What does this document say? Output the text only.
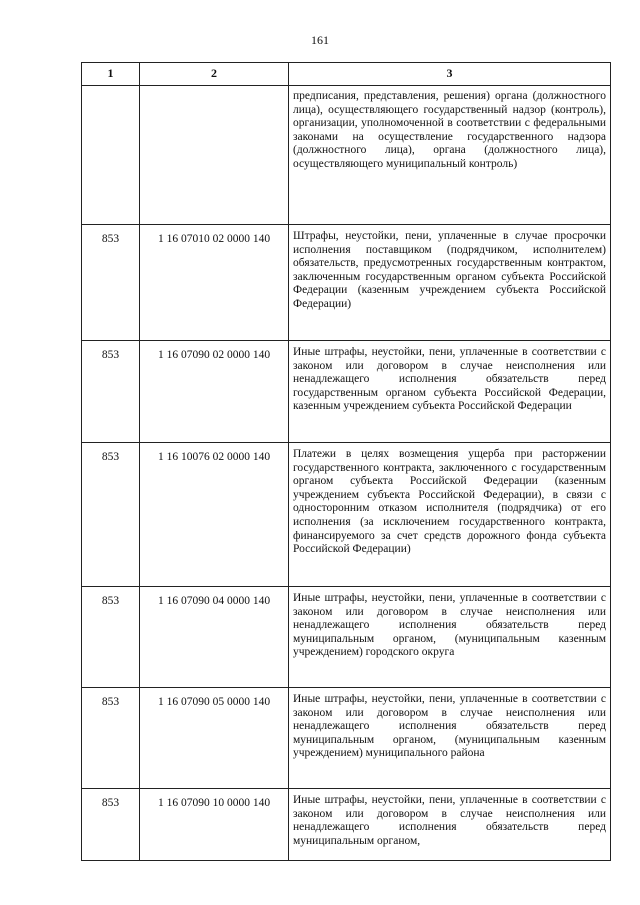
161
1	2	3
		предписания, представления, решения) органа (должностного лица), осуществляющего государственный надзор (контроль), организации, уполномоченной в соответствии с федеральными законами на осуществление государственного надзора (должностного лица), органа (должностного лица), осуществляющего муниципальный контроль)
853	1 16 07010 02 0000 140	Штрафы, неустойки, пени, уплаченные в случае просрочки исполнения поставщиком (подрядчиком, исполнителем) обязательств, предусмотренных государственным контрактом, заключенным государственным органом субъекта Российской Федерации (казенным учреждением субъекта Российской Федерации)
853	1 16 07090 02 0000 140	Иные штрафы, неустойки, пени, уплаченные в соответствии с законом или договором в случае неисполнения или ненадлежащего исполнения обязательств перед государственным органом субъекта Российской Федерации, казенным учреждением субъекта Российской Федерации
853	1 16 10076 02 0000 140	Платежи в целях возмещения ущерба при расторжении государственного контракта, заключенного с государственным органом субъекта Российской Федерации (казенным учреждением субъекта Российской Федерации), в связи с односторонним отказом исполнителя (подрядчика) от его исполнения (за исключением государственного контракта, финансируемого за счет средств дорожного фонда субъекта Российской Федерации)
853	1 16 07090 04 0000 140	Иные штрафы, неустойки, пени, уплаченные в соответствии с законом или договором в случае неисполнения или ненадлежащего исполнения обязательств перед муниципальным органом, (муниципальным казенным учреждением) городского округа
853	1 16 07090 05 0000 140	Иные штрафы, неустойки, пени, уплаченные в соответствии с законом или договором в случае неисполнения или ненадлежащего исполнения обязательств перед муниципальным органом, (муниципальным казенным учреждением) муниципального района
853	1 16 07090 10 0000 140	Иные штрафы, неустойки, пени, уплаченные в соответствии с законом или договором в случае неисполнения или ненадлежащего исполнения обязательств перед муниципальным органом,
